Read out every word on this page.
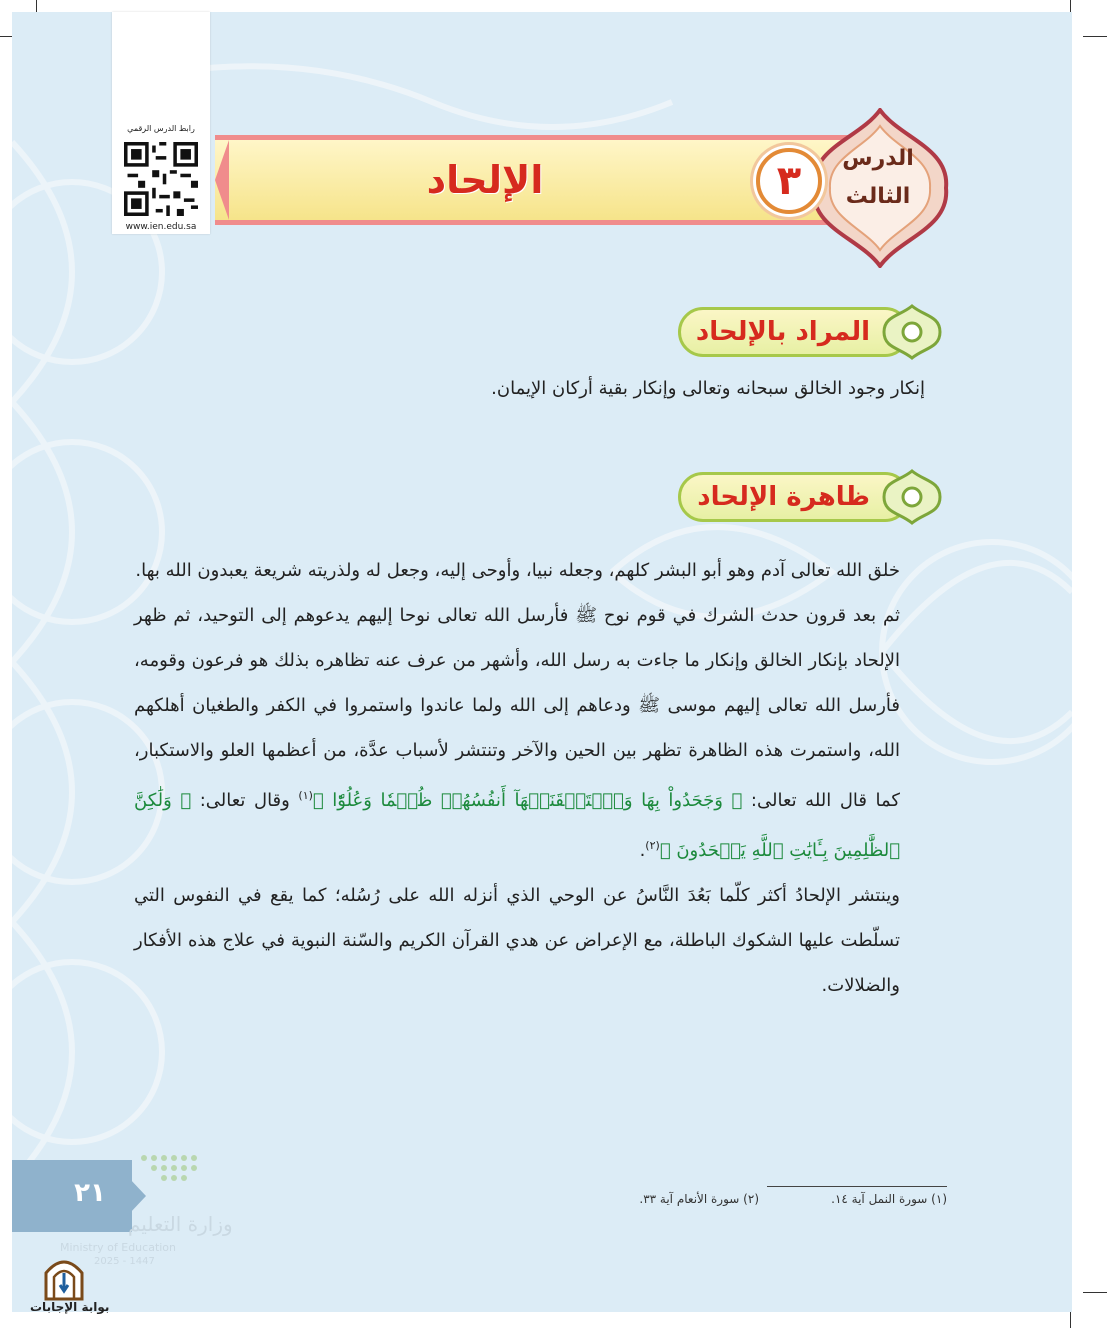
رابط الدرس الرقمي
www.ien.edu.sa
الإلحاد	الدرس
الثالث
٣
المراد بالإلحاد
إنكار وجود الخالق سبحانه وتعالى وإنكار بقية أركان الإيمان.
ظاهرة الإلحاد

خلق الله تعالى آدم وهو أبو البشر كلهم، وجعله نبيا، وأوحى إليه، وجعل له ولذريته شريعة يعبدون الله بها.

ثم بعد قرون حدث الشرك في قوم نوح ﷺ فأرسل الله تعالى نوحا إليهم يدعوهم إلى التوحيد، ثم ظهر الإلحاد بإنكار الخالق وإنكار ما جاءت به رسل الله، وأشهر من عرف عنه تظاهره بذلك هو فرعون وقومه، فأرسل الله تعالى إليهم موسى ﷺ ودعاهم إلى الله ولما عاندوا واستمروا في الكفر والطغيان أهلكهم الله، واستمرت هذه الظاهرة تظهر بين الحين والآخر وتنتشر لأسباب عدَّة، من أعظمها العلو والاستكبار، كما قال الله تعالى: ﴿ وَجَحَدُواْ بِهَا وَٱسۡتَيۡقَنَتۡهَآ أَنفُسُهُمۡ ظُلۡمٗا وَعُلُوّٗا ﴾$^{(١)}$ وقال تعالى: ﴿ وَلَٰكِنَّ ٱلظَّٰلِمِينَ بِـَٔايَٰتِ ٱللَّهِ يَجۡحَدُونَ ﴾$^{(٢)}$.

وينتشر الإلحادُ أكثر كلّما بَعُدَ النَّاسُ عن الوحي الذي أنزله الله على رُسُله؛ كما يقع في النفوس التي تسلّطت عليها الشكوك الباطلة، مع الإعراض عن هدي القرآن الكريم والسّنة النبوية في علاج هذه الأفكار والضلالات.

(١) سورة النمل آية ١٤.
(٢) سورة الأنعام آية ٣٣.
٢١
وزارة التعليم
Ministry of Education
2025 - 1447
بوابة الإجابات
